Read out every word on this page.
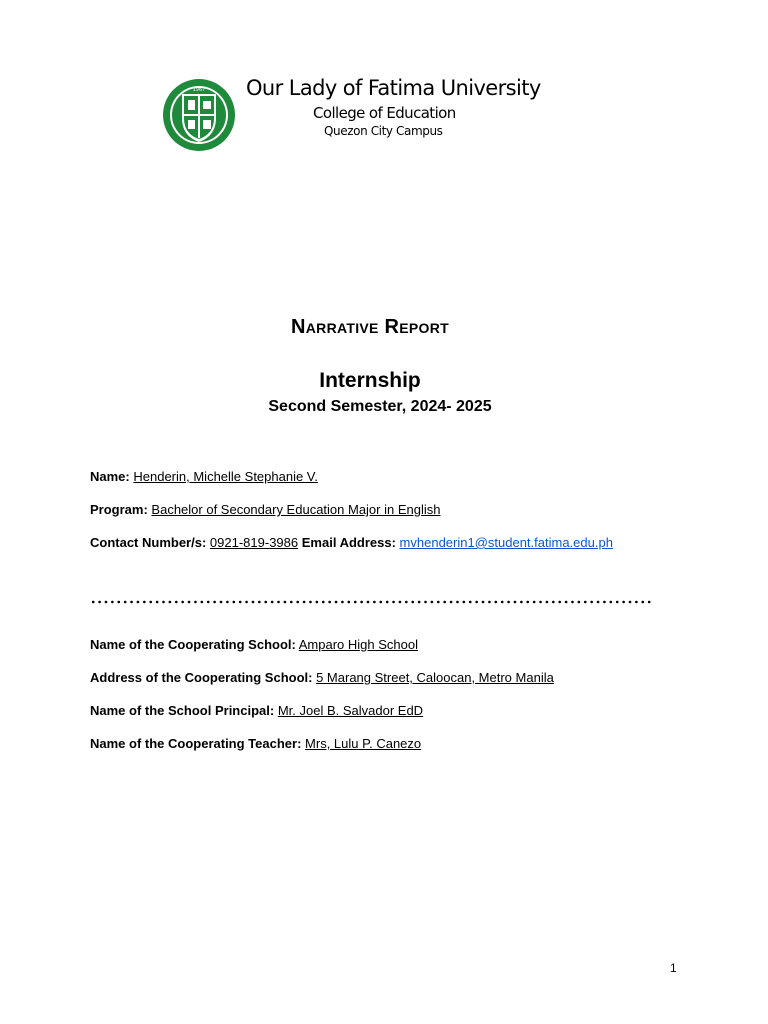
1967 Our Lady of Fatima University
College of Education
Quezon City Campus
Narrative Report
Internship
Second Semester, 2024- 2025
Name: Henderin, Michelle Stephanie V.
Program: Bachelor of Secondary Education Major in English
Contact Number/s: 0921-819-3986 Email Address: mvhenderin1@student.fatima.edu.ph
Name of the Cooperating School: Amparo High School
Address of the Cooperating School: 5 Marang Street, Caloocan, Metro Manila
Name of the School Principal: Mr. Joel B. Salvador EdD
Name of the Cooperating Teacher: Mrs, Lulu P. Canezo
1
